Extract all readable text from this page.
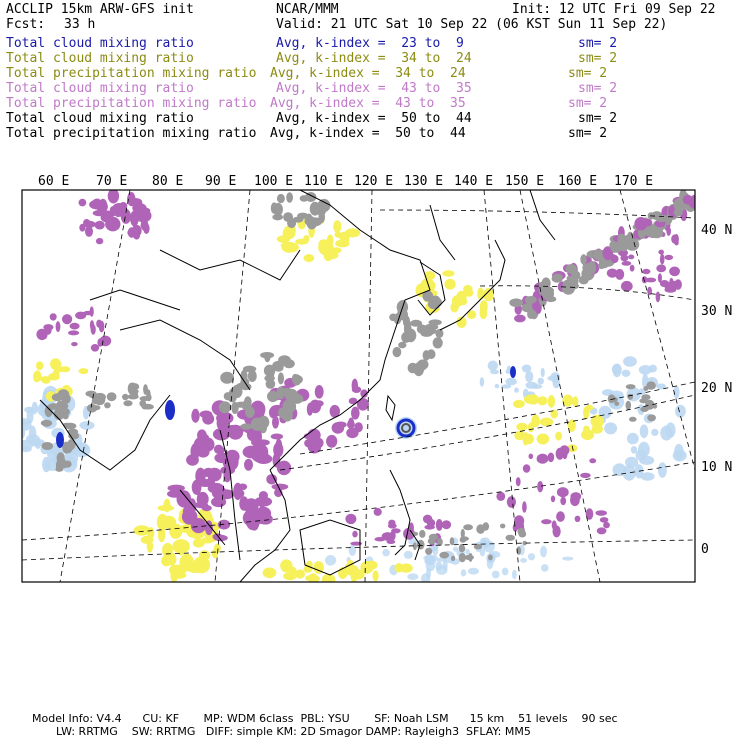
ACCLIP 15km ARW-GFS init	NCAR/MMM	Init: 12 UTC Fri 09 Sep 22
Fcst: 33 h	Valid: 21 UTC Sat 10 Sep 22 (06 KST Sun 11 Sep 22)
Total cloud mixing ratio	Avg, k-index =  23 to  9	sm= 2
Total cloud mixing ratio	Avg, k-index =  34 to  24	sm= 2
Total precipitation mixing ratio Avg, k-index =  34 to  24	sm= 2
Total cloud mixing ratio	Avg, k-index =  43 to  35	sm= 2
Total precipitation mixing ratio Avg, k-index =  43 to  35	sm= 2
Total cloud mixing ratio	Avg, k-index =  50 to  44	sm= 2
Total precipitation mixing ratio Avg, k-index =  50 to  44	sm= 2
60 E 70 E 80 E 90 E 100 E 110 E 120 E 130 E 140 E 150 E 160 E 170 E
40 N
30 N
20 N
10 N
0
Model Info: V4.4      CU: KF       MP: WDM 6class  PBL: YSU       SF: Noah LSM      15 km    51 levels    90 sec
LW: RRTMG    SW: RRTMG   DIFF: simple KM: 2D Smagor DAMP: Rayleigh3  SFLAY: MM5
